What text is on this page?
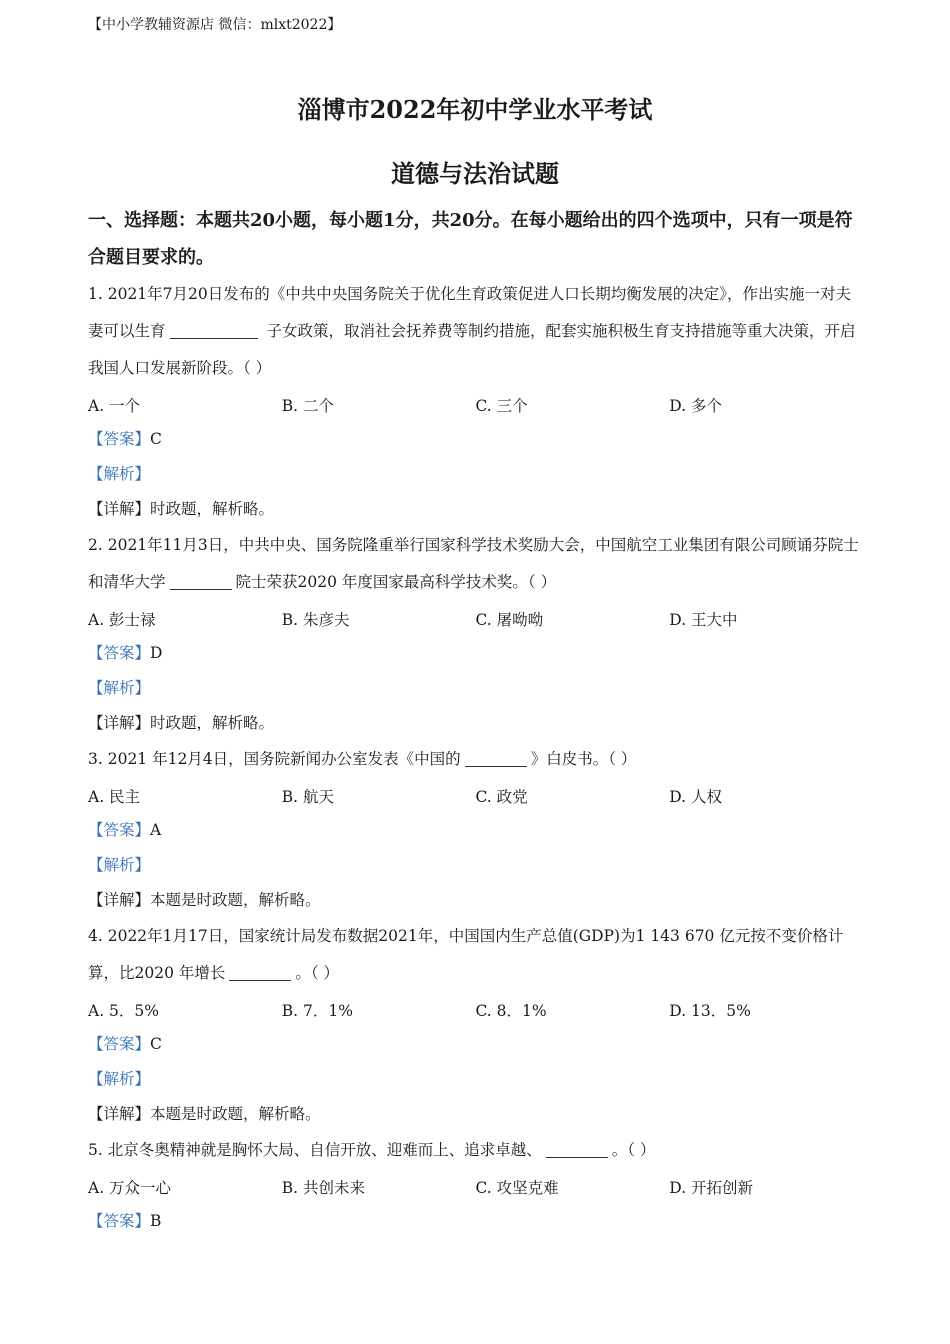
【中小学教辅资源店 微信：mlxt2022】
淄博市2022年初中学业水平考试
道德与法治试题
一、选择题：本题共20小题，每小题1分，共20分。在每小题给出的四个选项中，只有一项是符合题目要求的。
1. 2021年7月20日发布的《中共中央国务院关于优化生育政策促进人口长期均衡发展的决定》，作出实施一对夫妻可以生育	子女政策，取消社会抚养费等制约措施，配套实施积极生育支持措施等重大决策，开启我国人口发展新阶段。（ ）
A. 一个	B. 二个	C. 三个	D. 多个
【答案】C
【解析】
【详解】时政题，解析略。
2. 2021年11月3日，中共中央、国务院隆重举行国家科学技术奖励大会，中国航空工业集团有限公司顾诵芬院士和清华大学	院士荣获2020 年度国家最高科学技术奖。（ ）
A. 彭士禄	B. 朱彦夫	C. 屠呦呦	D. 王大中
【答案】D
【解析】
【详解】时政题，解析略。
3. 2021 年12月4日，国务院新闻办公室发表《中国的	》白皮书。（ ）
A. 民主	B. 航天	C. 政党	D. 人权
【答案】A
【解析】
【详解】本题是时政题，解析略。
4. 2022年1月17日，国家统计局发布数据2021年，中国国内生产总值(GDP)为1 143 670 亿元按不变价格计算，比2020 年增长	。（ ）
A. 5．5%	B. 7．1%	C. 8．1%	D. 13．5%
【答案】C
【解析】
【详解】本题是时政题，解析略。
5. 北京冬奥精神就是胸怀大局、自信开放、迎难而上、追求卓越、	。（ ）
A. 万众一心	B. 共创未来	C. 攻坚克难	D. 开拓创新
【答案】B
